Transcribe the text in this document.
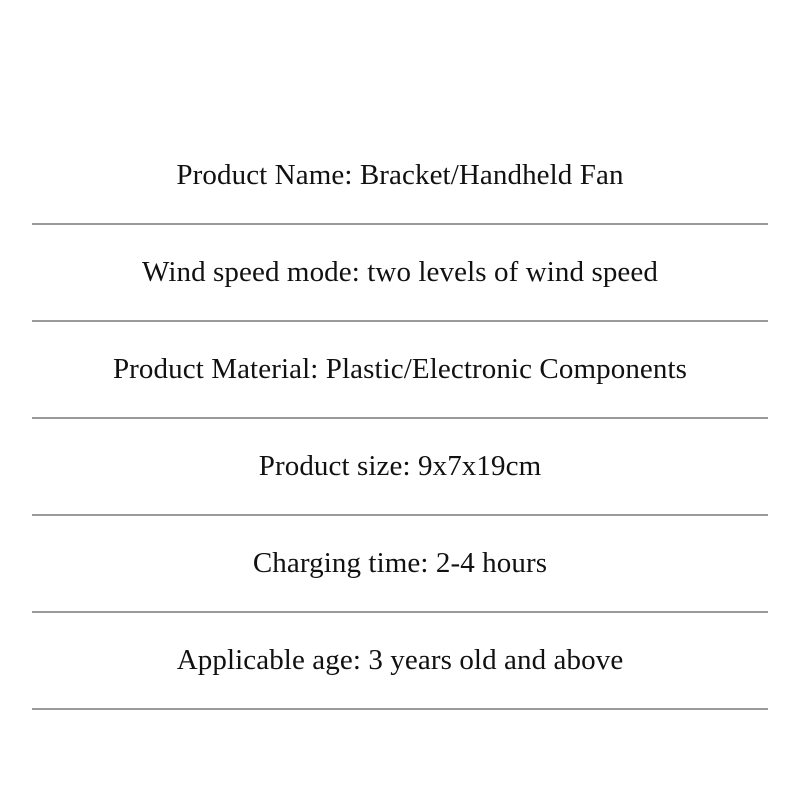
Product Name: Bracket/Handheld Fan
Wind speed mode: two levels of wind speed
Product Material: Plastic/Electronic Components
Product size: 9x7x19cm
Charging time: 2-4 hours
Applicable age: 3 years old and above
